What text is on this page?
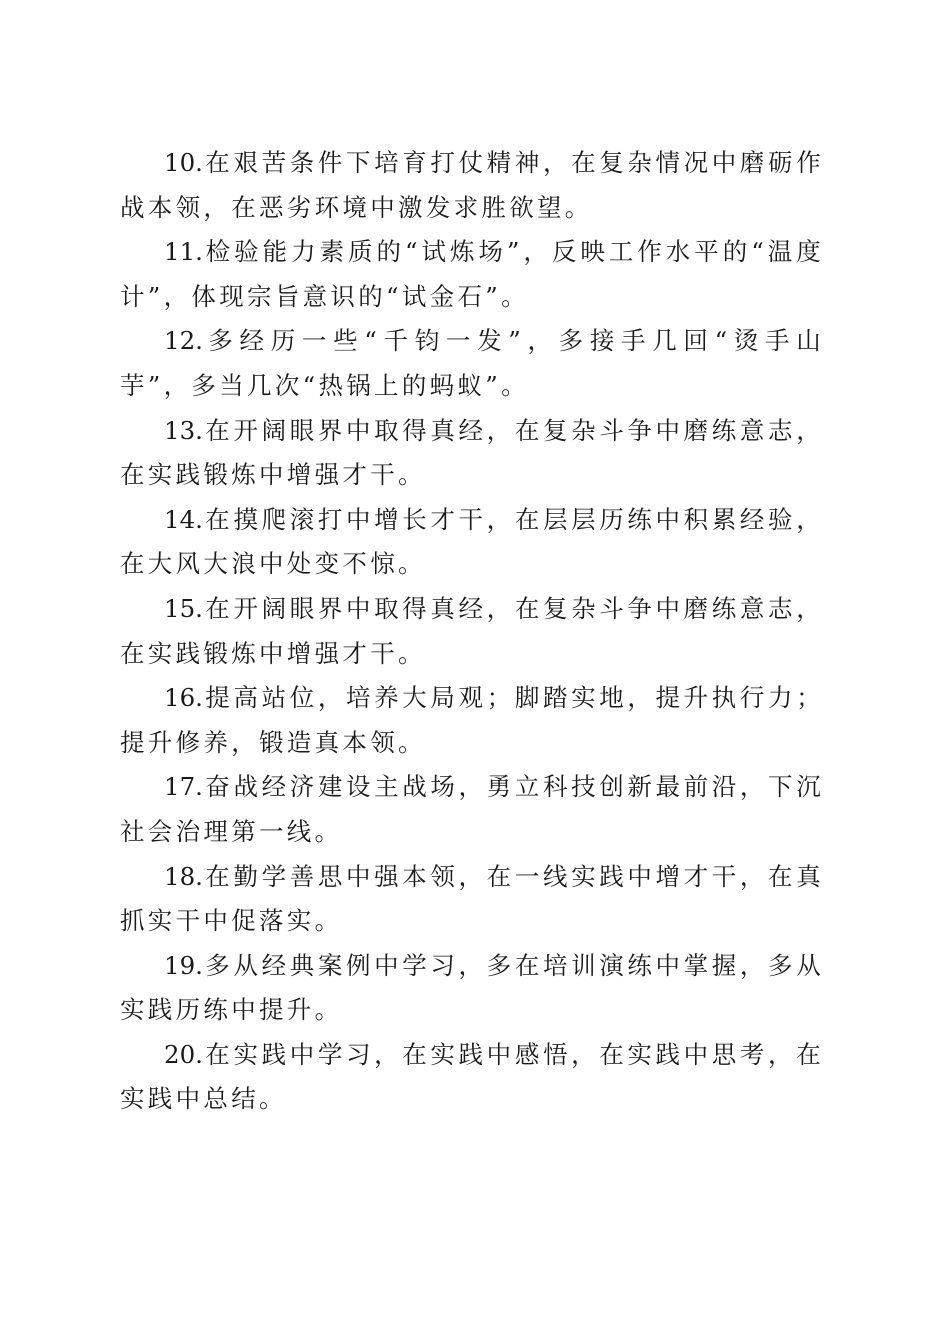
10.在艰苦条件下培育打仗精神，在复杂情况中磨砺作战本领，在恶劣环境中激发求胜欲望。

11.检验能力素质的“试炼场”，反映工作水平的“温度计”，体现宗旨意识的“试金石”。

12.多经历一些“千钧一发”，多接手几回“烫手山芋”，多当几次“热锅上的蚂蚁”。

13.在开阔眼界中取得真经，在复杂斗争中磨练意志，在实践锻炼中增强才干。

14.在摸爬滚打中增长才干，在层层历练中积累经验，在大风大浪中处变不惊。

15.在开阔眼界中取得真经，在复杂斗争中磨练意志，在实践锻炼中增强才干。

16.提高站位，培养大局观；脚踏实地，提升执行力；提升修养，锻造真本领。

17.奋战经济建设主战场，勇立科技创新最前沿，下沉社会治理第一线。

18.在勤学善思中强本领，在一线实践中增才干，在真抓实干中促落实。

19.多从经典案例中学习，多在培训演练中掌握，多从实践历练中提升。

20.在实践中学习，在实践中感悟，在实践中思考，在实践中总结。
